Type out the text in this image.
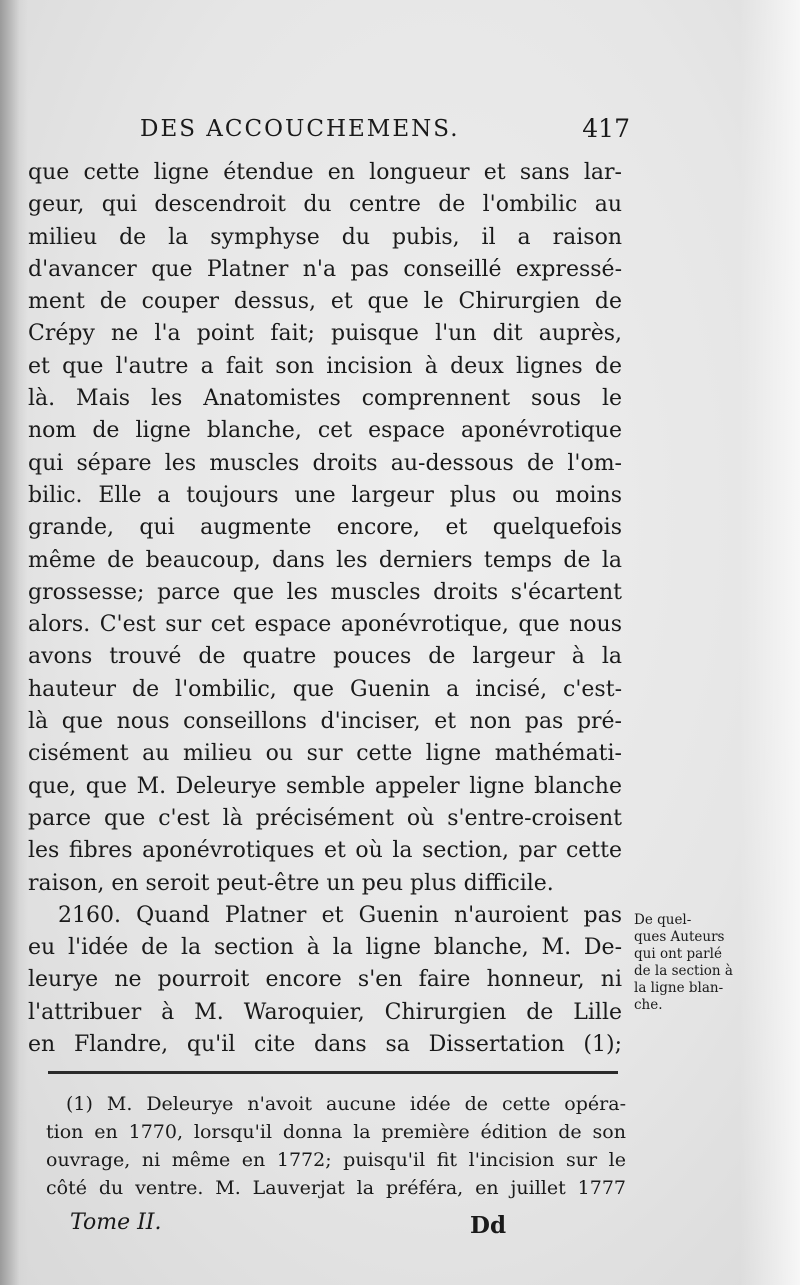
DES ACCOUCHEMENS.	417
que cette ligne étendue en longueur et sans lar-
geur, qui descendroit du centre de l'ombilic au
milieu de la symphyse du pubis, il a raison
d'avancer que Platner n'a pas conseillé expressé-
ment de couper dessus, et que le Chirurgien de
Crépy ne l'a point fait; puisque l'un dit auprès,
et que l'autre a fait son incision à deux lignes de
là. Mais les Anatomistes comprennent sous le
nom de ligne blanche, cet espace aponévrotique
qui sépare les muscles droits au-dessous de l'om-
bilic. Elle a toujours une largeur plus ou moins
grande, qui augmente encore, et quelquefois
même de beaucoup, dans les derniers temps de la
grossesse; parce que les muscles droits s'écartent
alors. C'est sur cet espace aponévrotique, que nous
avons trouvé de quatre pouces de largeur à la
hauteur de l'ombilic, que Guenin a incisé, c'est-
là que nous conseillons d'inciser, et non pas pré-
cisément au milieu ou sur cette ligne mathémati-
que, que M. Deleurye semble appeler ligne blanche
parce que c'est là précisément où s'entre-croisent
les fibres aponévrotiques et où la section, par cette
raison, en seroit peut-être un peu plus difficile.
2160. Quand Platner et Guenin n'auroient pas
eu l'idée de la section à la ligne blanche, M. De-
leurye ne pourroit encore s'en faire honneur, ni
l'attribuer à M. Waroquier, Chirurgien de Lille
en Flandre, qu'il cite dans sa Dissertation (1);
De quel-
ques Auteurs
qui ont parlé
de la section à
la ligne blan-
che.
(1) M. Deleurye n'avoit aucune idée de cette opéra-
tion en 1770, lorsqu'il donna la première édition de son
ouvrage, ni même en 1772; puisqu'il fit l'incision sur le
côté du ventre. M. Lauverjat la préféra, en juillet 1777
Tome II.	Dd
